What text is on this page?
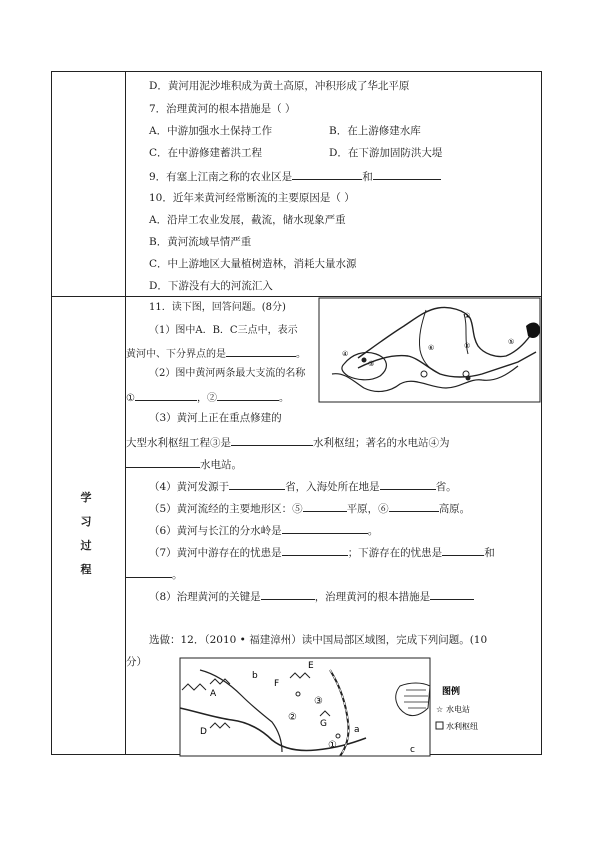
学
习
过
程
D．黄河用泥沙堆积成为黄土高原，冲积形成了华北平原
7．治理黄河的根本措施是（ ）
A．中游加强水土保持工作	B．在上游修建水库
C．在中游修建蓄洪工程	D．在下游加固防洪大堤
9．有塞上江南之称的农业区是	和
10．近年来黄河经常断流的主要原因是（ ）
A．沿岸工农业发展，截流，储水现象严重
B．黄河流域旱情严重
C．中上游地区大量植树造林，消耗大量水源
D．下游没有大的河流汇入
11．读下图，回答问题。(8分)
（1）图中A．B．C三点中，表示
黄河中、下分界点的是	。
（2）图中黄河两条最大支流的名称
①	，②	。
（3）黄河上正在重点修建的
大型水利枢纽工程③是	水利枢纽；著名的水电站④为
水电站。
（4）黄河发源于	省，入海处所在地是	省。
（5）黄河流经的主要地形区：⑤	平原，⑥	高原。
（6）黄河与长江的分水岭是	。
（7）黄河中游存在的忧患是	；下游存在的忧患是	和
。
（8）治理黄河的关键是	，治理黄河的根本措施是
选做：12．（2010 • 福建漳州）读中国局部区域图，完成下列问题。(10
分）
④
⑥
①
②	⑤
③
A
b
E
F
②
③
G
a
D
①	c
图例
☆ 水电站
水利枢纽
